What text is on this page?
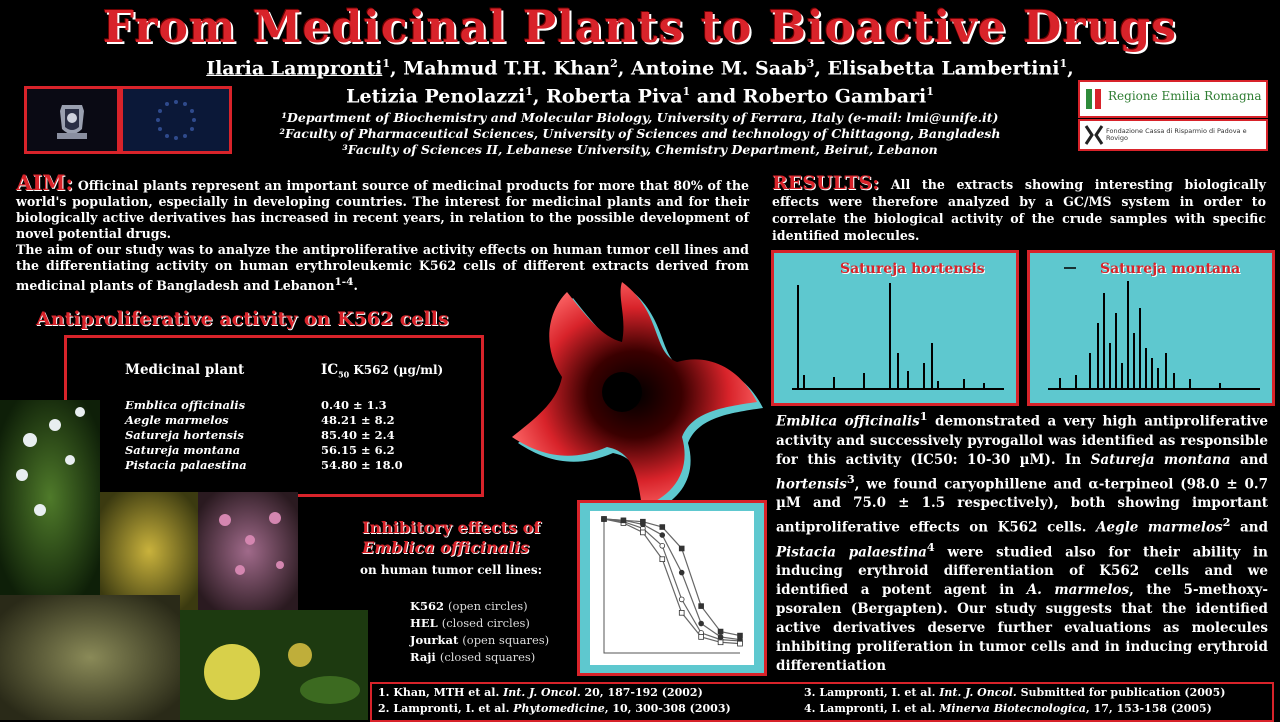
From Medicinal Plants to Bioactive Drugs
Ilaria Lampronti$^1$, Mahmud T.H. Khan$^2$, Antoine M. Saab$^3$, Elisabetta Lambertini$^1$,
Letizia Penolazzi$^1$, Roberta Piva$^1$ and Roberto Gambari$^1$
¹Department of Biochemistry and Molecular Biology, University of Ferrara, Italy (e-mail: lmi@unife.it)
²Faculty of Pharmaceutical Sciences, University of Sciences and technology of Chittagong, Bangladesh
³Faculty of Sciences II, Lebanese University, Chemistry Department, Beirut, Lebanon
Regione Emilia Romagna
Fondazione Cassa di Risparmio di Padova e Rovigo
AIM: Officinal plants represent an important source of medicinal products for more that 80% of the world's population, especially in developing countries. The interest for medicinal plants and for their biologically active derivatives has increased in recent years, in relation to the possible development of novel potential drugs.
The aim of our study was to analyze the antiproliferative activity effects on human tumor cell lines and the differentiating activity on human erythroleukemic K562 cells of different extracts derived from medicinal plants of Bangladesh and Lebanon$^{1-4}$.
Antiproliferative activity on K562 cells
Medicinal plant	$IC_{50}$ K562 (µg/ml)
Emblica officinalis
Aegle marmelos
Satureja hortensis
Satureja montana
Pistacia palaestina
0.40 ± 1.3
48.21 ± 8.2
85.40 ± 2.4
56.15 ± 6.2
54.80 ± 18.0
RESULTS: All the extracts showing interesting biologically effects were therefore analyzed by a GC/MS system in order to correlate the biological activity of the crude samples with specific identified molecules.
Satureja hortensis	Satureja montana
Emblica officinalis$^1$ demonstrated a very high antiproliferative activity and successively pyrogallol was identified as responsible for this activity (IC50: 10-30 µM). In Satureja montana and hortensis$^3$, we found caryophillene and α-terpineol (98.0 ± 0.7 µM and 75.0 ± 1.5 respectively), both showing important antiproliferative effects on K562 cells. Aegle marmelos$^2$ and Pistacia palaestina$^4$ were studied also for their ability in inducing erythroid differentiation of K562 cells and we identified a potent agent in A. marmelos, the 5-methoxy-psoralen (Bergapten). Our study suggests that the identified active derivatives deserve further evaluations as molecules inhibiting proliferation in tumor cells and in inducing erythroid differentiation
Inhibitory effects of
Emblica officinalis
on human tumor cell lines:
K562 (open circles)
HEL (closed circles)
Jourkat (open squares)
Raji (closed squares)
1. Khan, MTH et al. Int. J. Oncol. 20, 187-192 (2002)
2. Lampronti, I. et al. Phytomedicine, 10, 300-308 (2003)
3. Lampronti, I. et al. Int. J. Oncol. Submitted for publication (2005)
4. Lampronti, I. et al. Minerva Biotecnologica, 17, 153-158 (2005)
